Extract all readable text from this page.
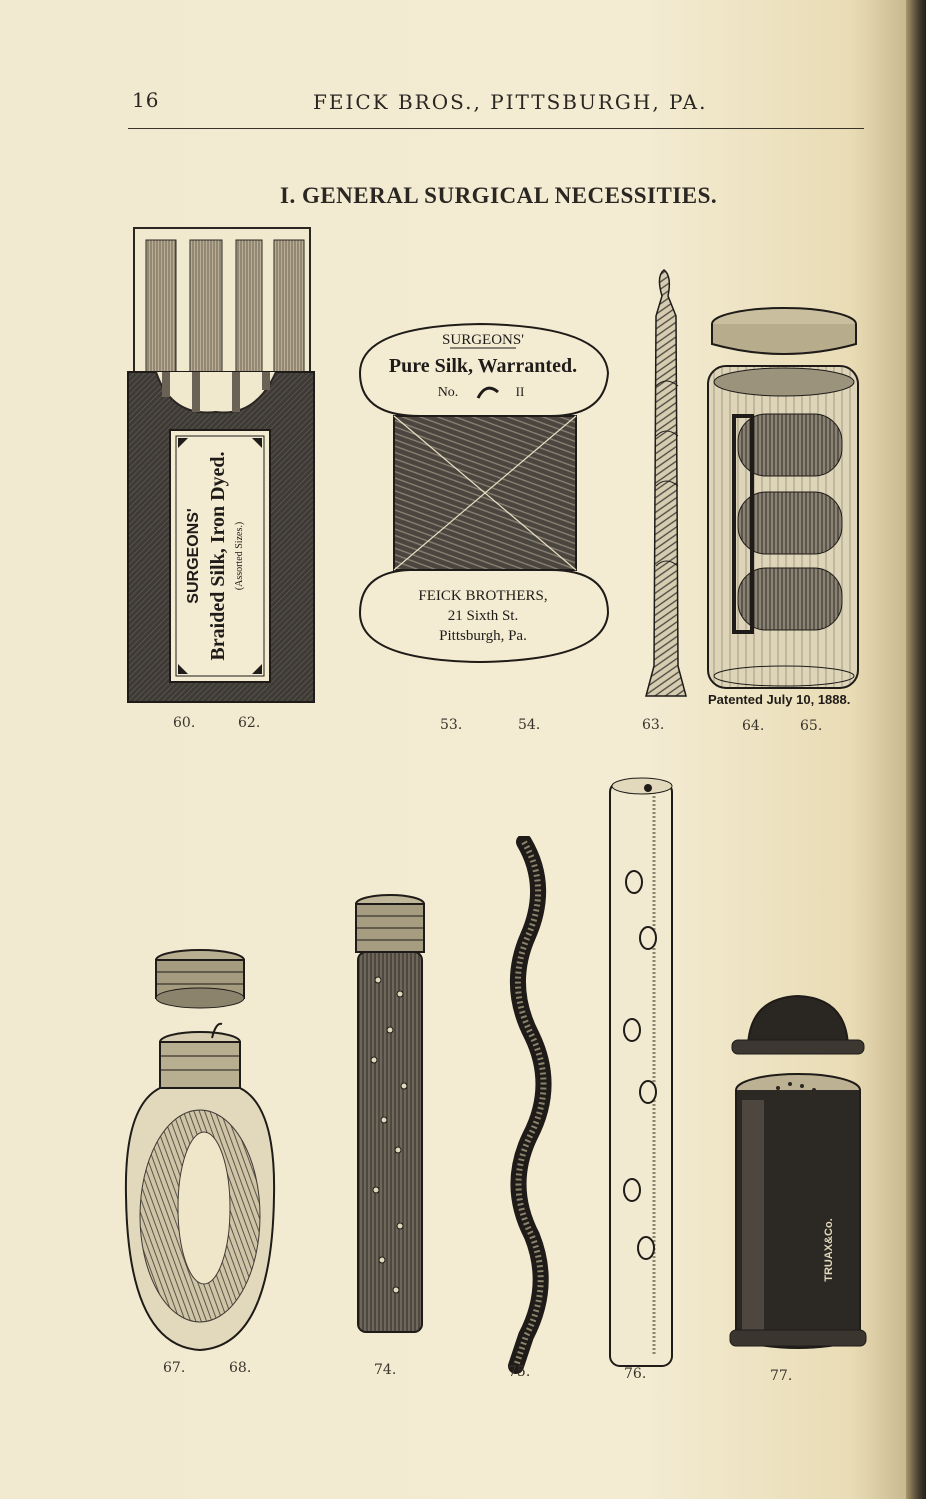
16	FEICK BROS., PITTSBURGH, PA.
I. GENERAL SURGICAL NECESSITIES.
SURGEONS' Braided Silk, Iron Dyed. (Assorted Sizes.)
60.	62.
SURGEONS'
Pure Silk, Warranted.
No.	II
FEICK BROTHERS,
21 Sixth St.
Pittsburgh, Pa.
53.	54.	63.
Patented July 10, 1888.
64.	65.
67.	68.	74.	75.	76.
TRUAX&Co.
77.
